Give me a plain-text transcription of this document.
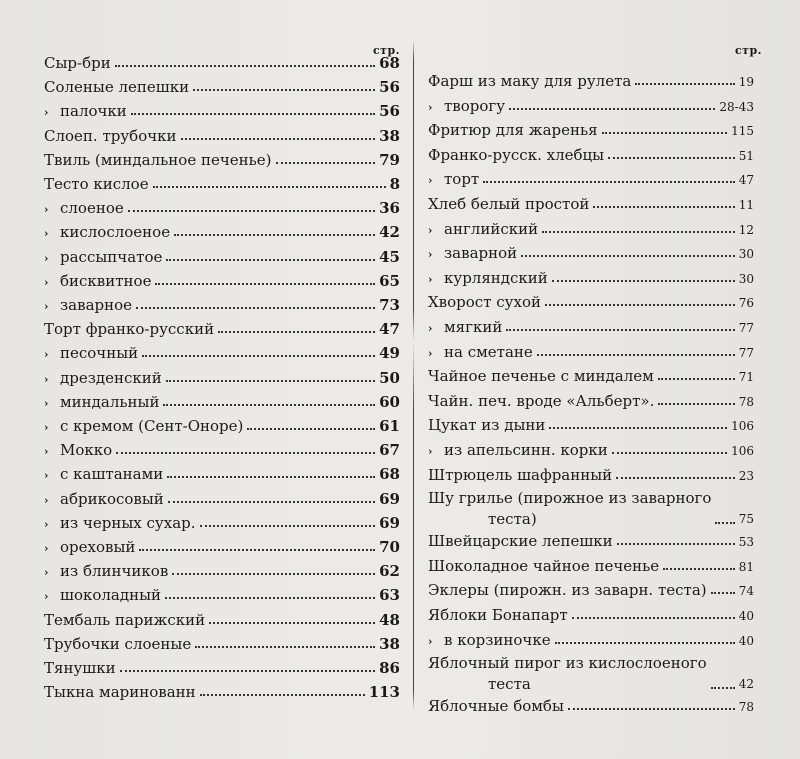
стр.
Сыр-бри	68
Соленые лепешки	56
› палочки	56
Слоеп. трубочки	38
Твиль (миндальное печенье)	79
Тесто кислое	8
› слоеное	36
› кислослоеное	42
› рассыпчатое	45
› бисквитное	65
› заварное	73
Торт франко-русский	47
› песочный	49
› дрезденский	50
› миндальный	60
› с кремом (Сент-Оноре)	61
› Мокко	67
› с каштанами	68
› абрикосовый	69
› из черных сухар.	69
› ореховый	70
› из блинчиков	62
› шоколадный	63
Тембаль парижский	48
Трубочки слоеные	38
Тянушки	86
Тыкна маринованн	113
стр.
Фарш из маку для рулета	19
› творогу	28-43
Фритюр для жаренья	115
Франко-русск. хлебцы	51
› торт	47
Хлеб белый простой	11
› английский	12
› заварной	30
› курляндский	30
Хворост сухой	76
› мягкий	77
› на сметане	77
Чайное печенье с миндалем	71
Чайн. печ. вроде «Альберт».	78
Цукат из дыни	106
› из апельсинн. корки	106
Штрюцель шафранный	23
Шу грилье (пирожное из заварного
теста)	75
Швейцарские лепешки	53
Шоколадное чайное печенье	81
Эклеры (пирожн. из заварн. теста)	74
Яблоки Бонапарт	40
› в корзиночке	40
Яблочный пирог из кислослоеного
теста	42
Яблочные бомбы	78
